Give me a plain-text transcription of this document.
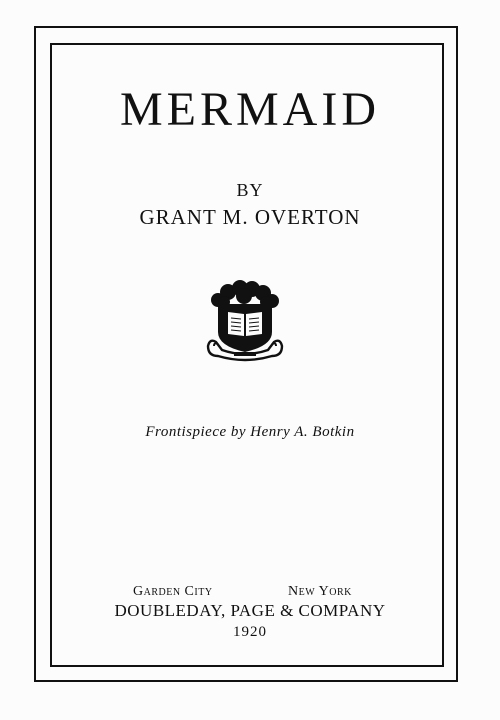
MERMAID
BY
GRANT M. OVERTON
Frontispiece by Henry A. Botkin
Garden City	New York
DOUBLEDAY, PAGE & COMPANY
1920
